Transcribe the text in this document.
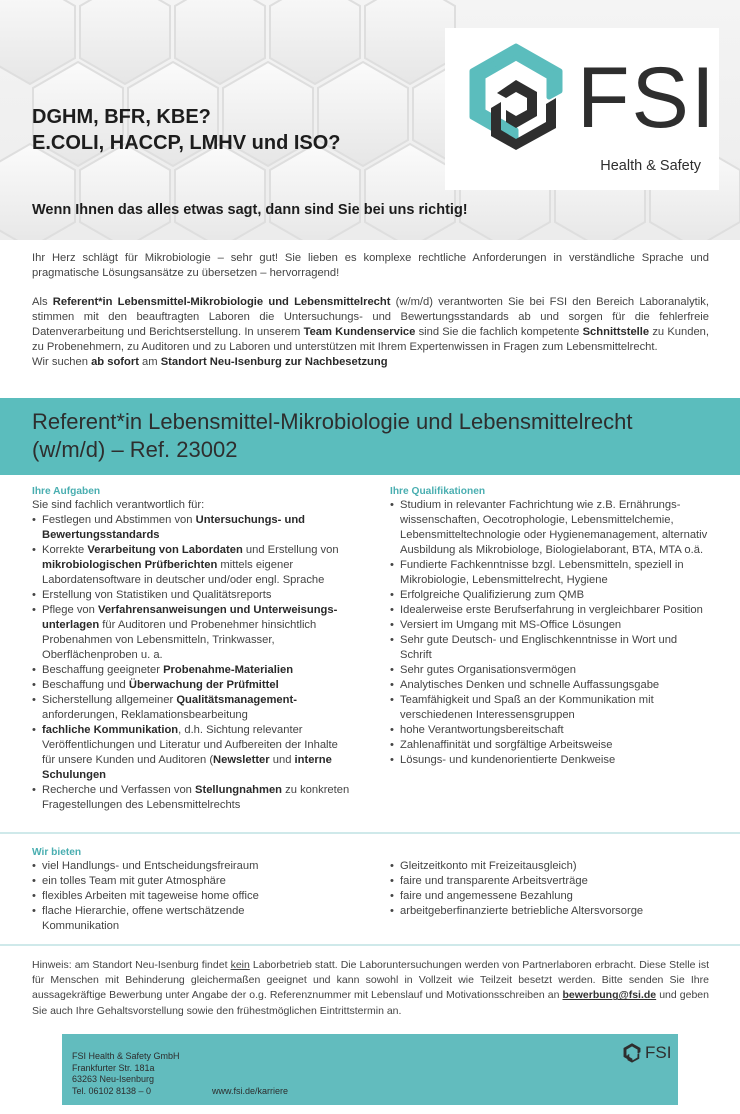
DGHM, BFR, KBE?
E.COLI, HACCP, LMHV und ISO?

Wenn Ihnen das alles etwas sagt, dann sind Sie bei uns richtig!

FSI
Health & Safety

Ihr Herz schlägt für Mikrobiologie – sehr gut! Sie lieben es komplexe rechtliche Anforderungen in verständliche Sprache und pragmatische Lösungsansätze zu übersetzen – hervorragend!

Als Referent*in Lebensmittel-Mikrobiologie und Lebensmittelrecht (w/m/d) verantworten Sie bei FSI den Bereich Laboranalytik, stimmen mit den beauftragten Laboren die Untersuchungs- und Bewertungsstandards ab und sorgen für die fehlerfreie Datenverarbeitung und Berichtserstellung. In unserem Team Kundenservice sind Sie die fachlich kompetente Schnittstelle zu Kunden, zu Probenehmern, zu Auditoren und zu Laboren und unterstützen mit Ihrem Expertenwissen in Fragen zum Lebensmittelrecht.

Wir suchen ab sofort am Standort Neu-Isenburg zur Nachbesetzung

Referent*in Lebensmittel-Mikrobiologie und Lebensmittelrecht
(w/m/d) – Ref. 23002
Ihre Aufgaben
Sie sind fachlich verantwortlich für:
• Festlegen und Abstimmen von Untersuchungs- und Bewertungsstandards
• Korrekte Verarbeitung von Labordaten und Erstellung von mikrobiologischen Prüfberichten mittels eigener Labordatensoftware in deutscher und/oder engl. Sprache
• Erstellung von Statistiken und Qualitätsreports
• Pflege von Verfahrensanweisungen und Unterweisungs-unterlagen für Auditoren und Probenehmer hinsichtlich Probenahmen von Lebensmitteln, Trinkwasser, Oberflächenproben u. a.
• Beschaffung geeigneter Probenahme-Materialien
• Beschaffung und Überwachung der Prüfmittel
• Sicherstellung allgemeiner Qualitätsmanagement-
anforderungen, Reklamationsbearbeitung
• fachliche Kommunikation, d.h. Sichtung relevanter Veröffentlichungen und Literatur und Aufbereiten der Inhalte für unsere Kunden und Auditoren (Newsletter und interne Schulungen
• Recherche und Verfassen von Stellungnahmen zu konkreten Fragestellungen des Lebensmittelrechts
Ihre Qualifikationen
• Studium in relevanter Fachrichtung wie z.B. Ernährungs-wissenschaften, Oecotrophologie, Lebensmittelchemie, Lebensmitteltechnologie oder Hygienemanagement, alternativ Ausbildung als Mikrobiologe, Biologielaborant, BTA, MTA o.ä.
• Fundierte Fachkenntnisse bzgl. Lebensmitteln, speziell in Mikrobiologie, Lebensmittelrecht, Hygiene
• Erfolgreiche Qualifizierung zum QMB
• Idealerweise erste Berufserfahrung in vergleichbarer Position
• Versiert im Umgang mit MS-Office Lösungen
• Sehr gute Deutsch- und Englischkenntnisse in Wort und Schrift
• Sehr gutes Organisationsvermögen
• Analytisches Denken und schnelle Auffassungsgabe
• Teamfähigkeit und Spaß an der Kommunikation mit verschiedenen Interessensgruppen
• hohe Verantwortungsbereitschaft
• Zahlenaffinität und sorgfältige Arbeitsweise
• Lösungs- und kundenorientierte Denkweise
Wir bieten
• viel Handlungs- und Entscheidungsfreiraum
• ein tolles Team mit guter Atmosphäre
• flexibles Arbeiten mit tageweise home office
• flache Hierarchie, offene wertschätzende Kommunikation
• Gleitzeitkonto mit Freizeitausgleich)
• faire und transparente Arbeitsverträge
• faire und angemessene Bezahlung
• arbeitgeberfinanzierte betriebliche Altersvorsorge
Hinweis: am Standort Neu-Isenburg findet kein Laborbetrieb statt. Die Laboruntersuchungen werden von Partnerlaboren erbracht. Diese Stelle ist für Menschen mit Behinderung gleichermaßen geeignet und kann sowohl in Vollzeit wie Teilzeit besetzt werden. Bitte senden Sie Ihre aussagekräftige Bewerbung unter Angabe der o.g. Referenznummer mit Lebenslauf und Motivationsschreiben an bewerbung@fsi.de und geben Sie auch Ihre Gehaltsvorstellung sowie den frühestmöglichen Eintrittstermin an.
FSI Health & Safety GmbH
Frankfurter Str. 181a
63263 Neu-Isenburg
Tel. 06102 8138 – 0	www.fsi.de/karriere
FSI
